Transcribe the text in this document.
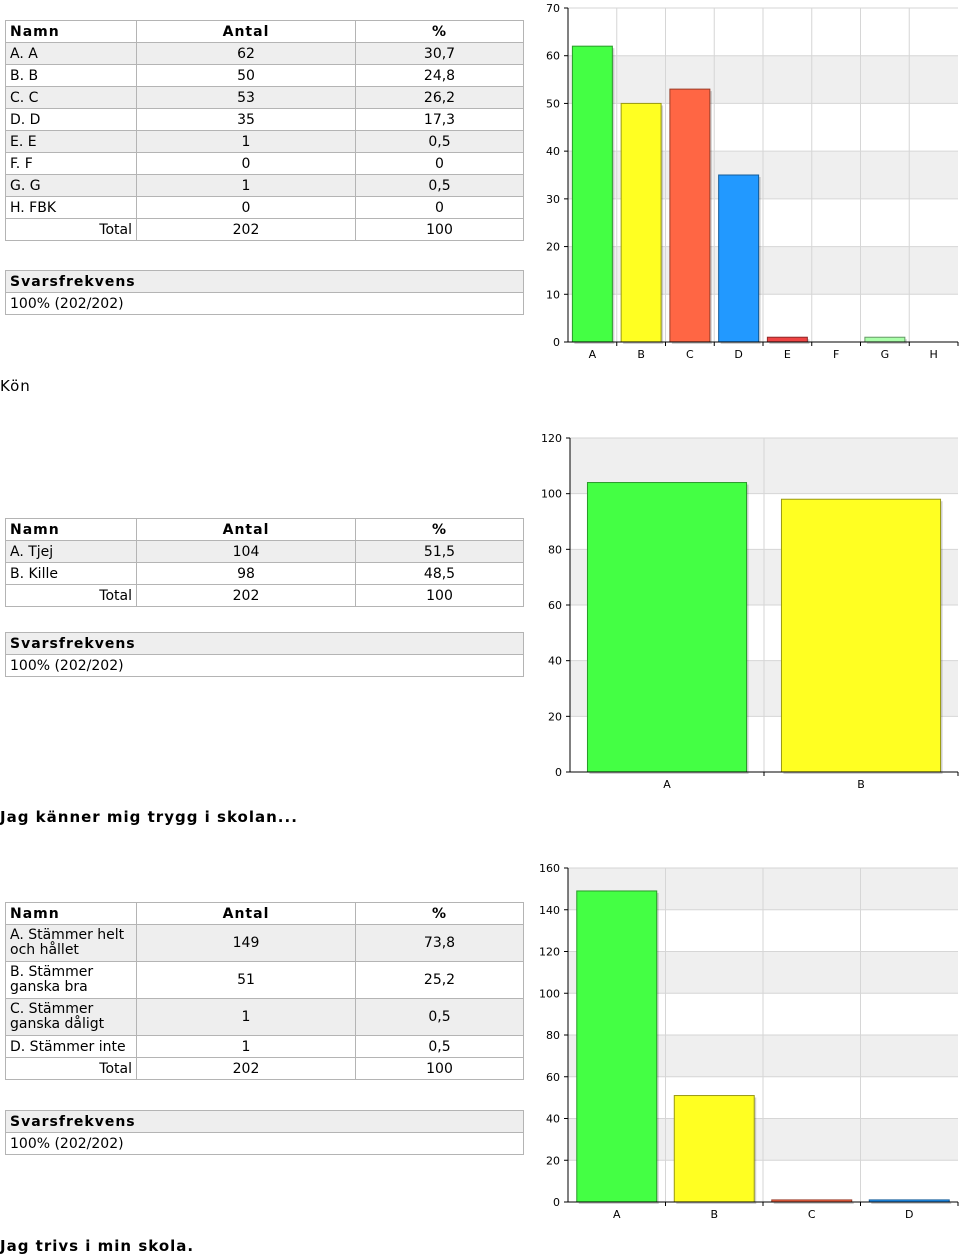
Namn	Antal	%
A. A	62	30,7
B. B	50	24,8
C. C	53	26,2
D. D	35	17,3
E. E	1	0,5
F. F	0	0
G. G	1	0,5
H. FBK	0	0
Total	202	100
Svarsfrekvens
100% (202/202)
0
10
20
30
40
50
60
70
A	B	C	D	E	F	G	H
Kön
Namn	Antal	%
A. Tjej	104	51,5
B. Kille	98	48,5
Total	202	100
Svarsfrekvens
100% (202/202)
0
20
40
60
80
100
120
A	B
Jag känner mig trygg i skolan...
Namn	Antal	%
A. Stämmer helt och hållet	149	73,8
B. Stämmer ganska bra	51	25,2
C. Stämmer ganska dåligt	1	0,5
D. Stämmer inte	1	0,5
Total	202	100
Svarsfrekvens
100% (202/202)
0
20
40
60
80
100
120
140
160
A	B	C	D
Jag trivs i min skola.
